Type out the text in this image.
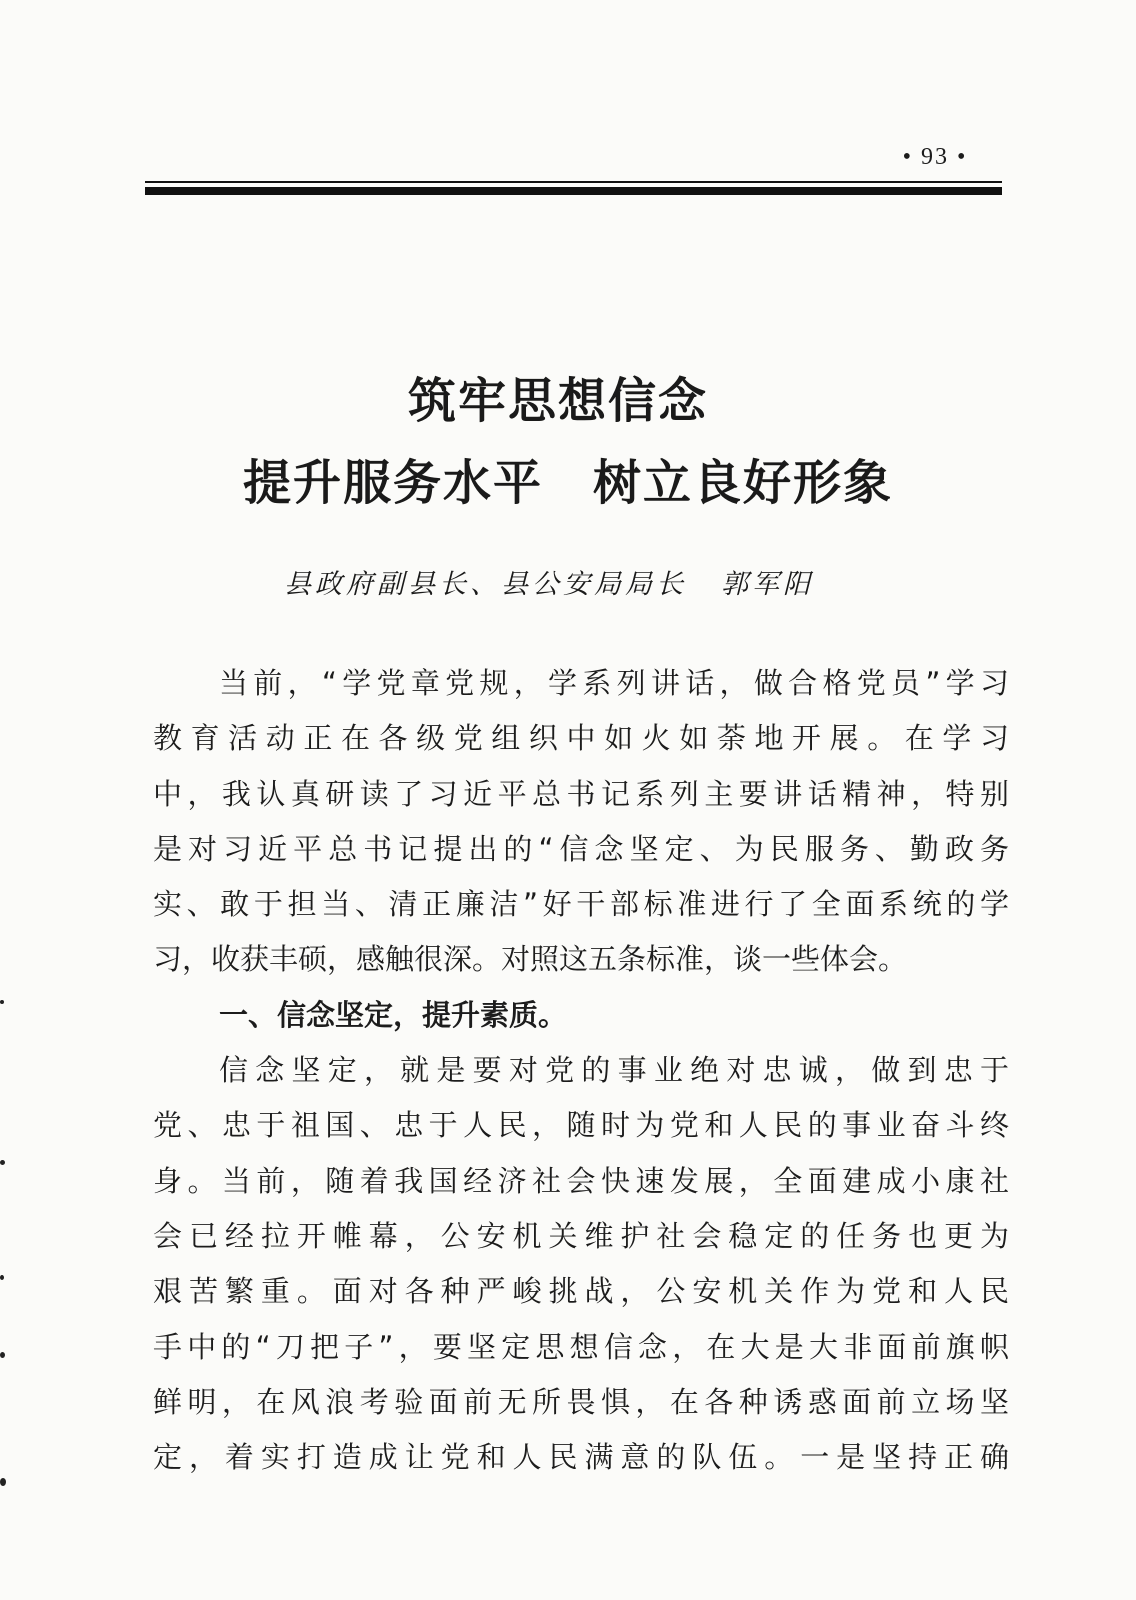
• 93 •
筑牢思想信念
提升服务水平 树立良好形象
县政府副县长、县公安局局长 郭军阳
当前，“学党章党规，学系列讲话，做合格党员”学习
教育活动正在各级党组织中如火如荼地开展。在学习
中，我认真研读了习近平总书记系列主要讲话精神，特别
是对习近平总书记提出的“信念坚定、为民服务、勤政务
实、敢于担当、清正廉洁”好干部标准进行了全面系统的学
习，收获丰硕，感触很深。对照这五条标准，谈一些体会。
一、信念坚定，提升素质。
信念坚定，就是要对党的事业绝对忠诚，做到忠于
党、忠于祖国、忠于人民，随时为党和人民的事业奋斗终
身。当前，随着我国经济社会快速发展，全面建成小康社
会已经拉开帷幕，公安机关维护社会稳定的任务也更为
艰苦繁重。面对各种严峻挑战，公安机关作为党和人民
手中的“刀把子”，要坚定思想信念，在大是大非面前旗帜
鲜明，在风浪考验面前无所畏惧，在各种诱惑面前立场坚
定，着实打造成让党和人民满意的队伍。一是坚持正确
